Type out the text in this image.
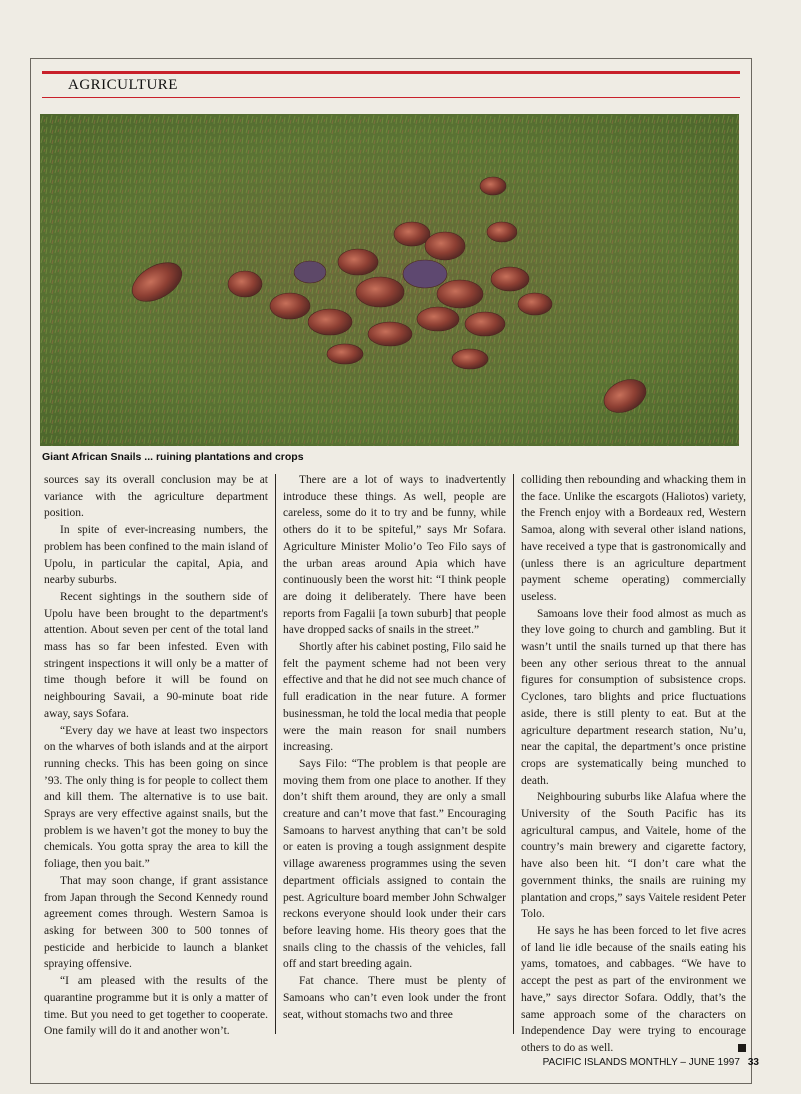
AGRICULTURE
Giant African Snails ... ruining plantations and crops

sources say its overall conclusion may be at variance with the agriculture department position.

In spite of ever-increasing numbers, the problem has been confined to the main island of Upolu, in particular the capital, Apia, and nearby suburbs.

Recent sightings in the southern side of Upolu have been brought to the department's attention. About seven per cent of the total land mass has so far been infested. Even with stringent inspections it will only be a matter of time though before it will be found on neighbouring Savaii, a 90-minute boat ride away, says Sofara.

“Every day we have at least two inspectors on the wharves of both islands and at the airport running checks. This has been going on since ’93. The only thing is for people to collect them and kill them. The alternative is to use bait. Sprays are very effective against snails, but the problem is we haven’t got the money to buy the chemicals. You gotta spray the area to kill the foliage, then you bait.”

That may soon change, if grant assistance from Japan through the Second Kennedy round agreement comes through. Western Samoa is asking for between 300 to 500 tonnes of pesticide and herbicide to launch a blanket spraying offensive.

“I am pleased with the results of the quarantine programme but it is only a matter of time. But you need to get together to cooperate. One family will do it and another won’t.

There are a lot of ways to inadvertently introduce these things. As well, people are careless, some do it to try and be funny, while others do it to be spiteful,” says Mr Sofara. Agriculture Minister Molio’o Teo Filo says of the urban areas around Apia which have continuously been the worst hit: “I think people are doing it deliberately. There have been reports from Fagalii [a town suburb] that people have dropped sacks of snails in the street.”

Shortly after his cabinet posting, Filo said he felt the payment scheme had not been very effective and that he did not see much chance of full eradication in the near future. A former businessman, he told the local media that people were the main reason for snail numbers increasing.

Says Filo: “The problem is that people are moving them from one place to another. If they don’t shift them around, they are only a small creature and can’t move that fast.” Encouraging Samoans to harvest anything that can’t be sold or eaten is proving a tough assignment despite village awareness programmes using the seven department officials assigned to contain the pest. Agriculture board member John Schwalger reckons everyone should look under their cars before leaving home. His theory goes that the snails cling to the chassis of the vehicles, fall off and start breeding again.

Fat chance. There must be plenty of Samoans who can’t even look under the front seat, without stomachs two and three

colliding then rebounding and whacking them in the face. Unlike the escargots (Haliotos) variety, the French enjoy with a Bordeaux red, Western Samoa, along with several other island nations, have received a type that is gastronomically and (unless there is an agriculture department payment scheme operating) commercially useless.

Samoans love their food almost as much as they love going to church and gambling. But it wasn’t until the snails turned up that there has been any other serious threat to the annual figures for consumption of subsistence crops. Cyclones, taro blights and price fluctuations aside, there is still plenty to eat. But at the agriculture department research station, Nu’u, near the capital, the department’s once pristine crops are systematically being munched to death.

Neighbouring suburbs like Alafua where the University of the South Pacific has its agricultural campus, and Vaitele, home of the country’s main brewery and cigarette factory, have also been hit. “I don’t care what the government thinks, the snails are ruining my plantation and crops,” says Vaitele resident Peter Tolo.

He says he has been forced to let five acres of land lie idle because of the snails eating his yams, tomatoes, and cabbages. “We have to accept the pest as part of the environment we have,” says director Sofara. Oddly, that’s the same approach some of the characters on Independence Day were trying to encourage others to do as well.

PACIFIC ISLANDS MONTHLY – JUNE 1997 33
